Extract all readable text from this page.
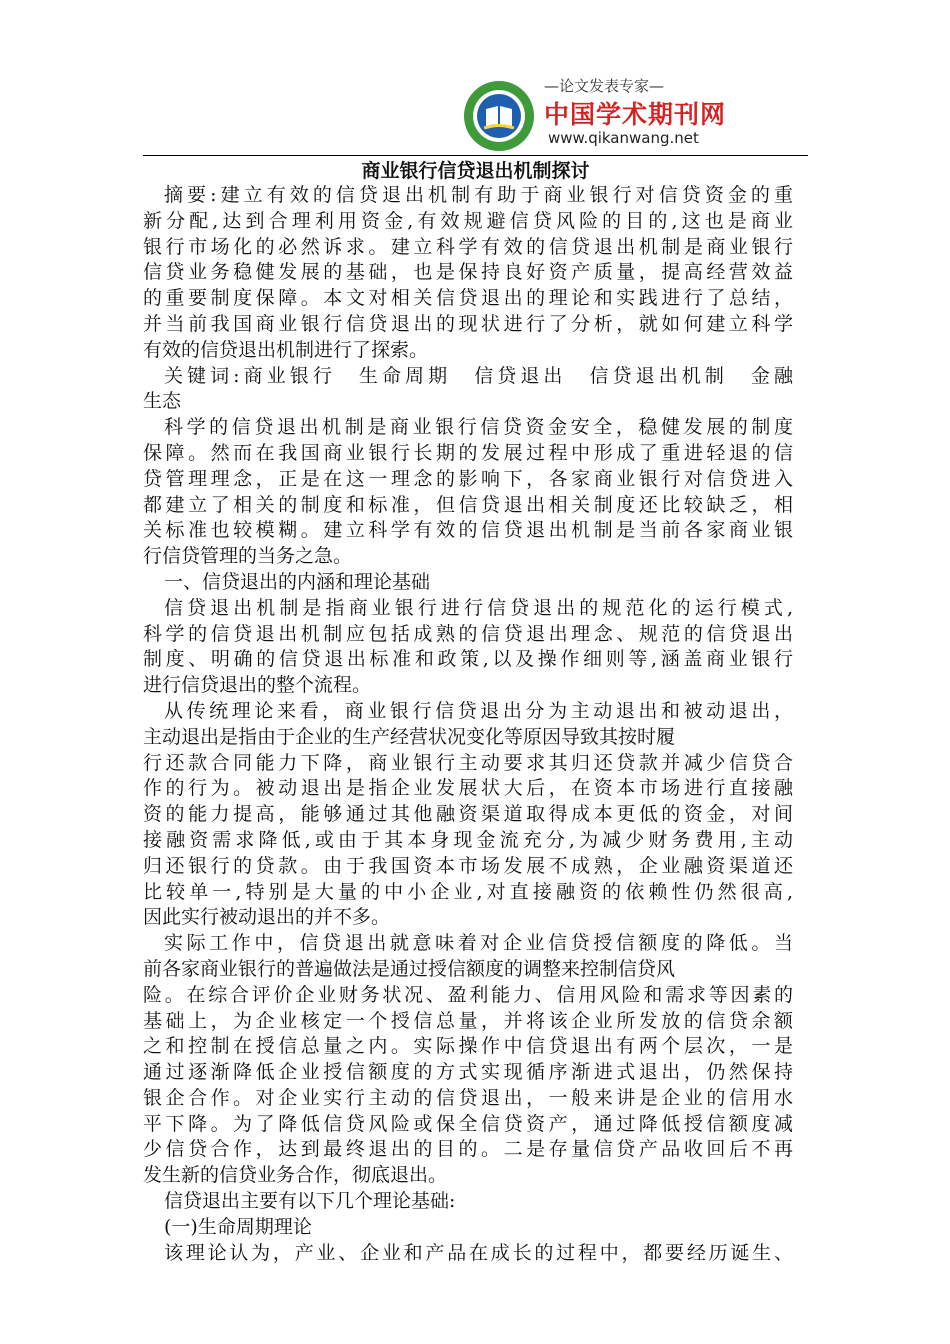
—论文发表专家—
中国学术期刊网
www.qikanwang.net
商业银行信贷退出机制探讨
摘要:建立有效的信贷退出机制有助于商业银行对信贷资金的重
新分配,达到合理利用资金,有效规避信贷风险的目的,这也是商业
银行市场化的必然诉求。建立科学有效的信贷退出机制是商业银行
信贷业务稳健发展的基础，也是保持良好资产质量，提高经营效益
的重要制度保障。本文对相关信贷退出的理论和实践进行了总结，
并当前我国商业银行信贷退出的现状进行了分析，就如何建立科学
有效的信贷退出机制进行了探索。
关键词:商业银行　生命周期　信贷退出　信贷退出机制　金融
生态
科学的信贷退出机制是商业银行信贷资金安全，稳健发展的制度
保障。然而在我国商业银行长期的发展过程中形成了重进轻退的信
贷管理理念，正是在这一理念的影响下，各家商业银行对信贷进入
都建立了相关的制度和标准，但信贷退出相关制度还比较缺乏，相
关标准也较模糊。建立科学有效的信贷退出机制是当前各家商业银
行信贷管理的当务之急。
一、信贷退出的内涵和理论基础
信贷退出机制是指商业银行进行信贷退出的规范化的运行模式,
科学的信贷退出机制应包括成熟的信贷退出理念、规范的信贷退出
制度、明确的信贷退出标准和政策,以及操作细则等,涵盖商业银行
进行信贷退出的整个流程。
从传统理论来看，商业银行信贷退出分为主动退出和被动退出，
主动退出是指由于企业的生产经营状况变化等原因导致其按时履
行还款合同能力下降，商业银行主动要求其归还贷款并减少信贷合
作的行为。被动退出是指企业发展状大后，在资本市场进行直接融
资的能力提高，能够通过其他融资渠道取得成本更低的资金，对间
接融资需求降低,或由于其本身现金流充分,为减少财务费用,主动
归还银行的贷款。由于我国资本市场发展不成熟，企业融资渠道还
比较单一,特别是大量的中小企业,对直接融资的依赖性仍然很高,
因此实行被动退出的并不多。
实际工作中，信贷退出就意味着对企业信贷授信额度的降低。当
前各家商业银行的普遍做法是通过授信额度的调整来控制信贷风
险。在综合评价企业财务状况、盈利能力、信用风险和需求等因素的
基础上，为企业核定一个授信总量，并将该企业所发放的信贷余额
之和控制在授信总量之内。实际操作中信贷退出有两个层次，一是
通过逐渐降低企业授信额度的方式实现循序渐进式退出，仍然保持
银企合作。对企业实行主动的信贷退出，一般来讲是企业的信用水
平下降。为了降低信贷风险或保全信贷资产，通过降低授信额度减
少信贷合作，达到最终退出的目的。二是存量信贷产品收回后不再
发生新的信贷业务合作，彻底退出。
信贷退出主要有以下几个理论基础:
(一)生命周期理论
该理论认为，产业、企业和产品在成长的过程中，都要经历诞生、
